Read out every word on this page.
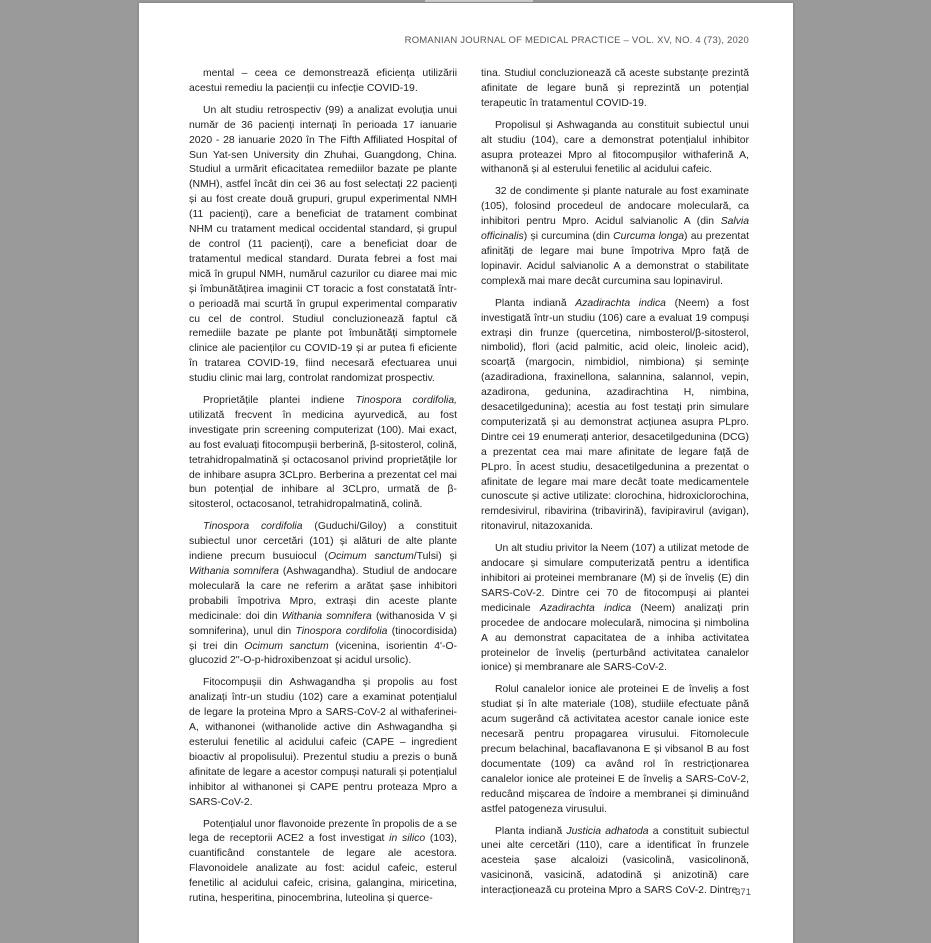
ROMANIAN JOURNAL OF MEDICAL PRACTICE – VOL. XV, NO. 4 (73), 2020

mental – ceea ce demonstrează eficiența utilizării acestui remediu la pacienții cu infecție COVID-19.

Un alt studiu retrospectiv (99) a analizat evoluția unui număr de 36 pacienți internați în perioada 17 ianuarie 2020 - 28 ianuarie 2020 în The Fifth Affiliated Hospital of Sun Yat-sen University din Zhuhai, Guangdong, China. Studiul a urmărit eficacitatea remediilor bazate pe plante (NMH), astfel încât din cei 36 au fost selectați 22 pacienți și au fost create două grupuri, grupul experimental NMH (11 pacienți), care a beneficiat de tratament combinat NHM cu tratament medical occidental standard, și grupul de control (11 pacienți), care a beneficiat doar de tratamentul medical standard. Durata febrei a fost mai mică în grupul NMH, numărul cazurilor cu diaree mai mic și îmbunătățirea imaginii CT toracic a fost constatată într-o perioadă mai scurtă în grupul experimental comparativ cu cel de control. Studiul concluzionează faptul că remediile bazate pe plante pot îmbunătăți simptomele clinice ale pacienților cu COVID-19 și ar putea fi eficiente în tratarea COVID-19, fiind necesară efectuarea unui studiu clinic mai larg, controlat randomizat prospectiv.

Proprietățile plantei indiene Tinospora cordifolia, utilizată frecvent în medicina ayurvedică, au fost investigate prin screening computerizat (100). Mai exact, au fost evaluați fitocompușii berberină, β-sitosterol, colină, tetrahidropalmatină și octacosanol privind proprietățile lor de inhibare asupra 3CLpro. Berberina a prezentat cel mai bun potențial de inhibare al 3CLpro, urmată de β-sitosterol, octacosanol, tetrahidropalmatină, colină.

Tinospora cordifolia (Guduchi/Giloy) a constituit subiectul unor cercetări (101) și alături de alte plante indiene precum busuiocul (Ocimum sanctum/Tulsi) și Withania somnifera (Ashwagandha). Studiul de andocare moleculară la care ne referim a arătat șase inhibitori probabili împotriva Mpro, extrași din aceste plante medicinale: doi din Withania somnifera (withanosida V și somniferina), unul din Tinospora cordifolia (tinocordisida) și trei din Ocimum sanctum (vicenina, isorientin 4'-O-glucozid 2''-O-p-hidroxibenzoat și acidul ursolic).

Fitocompușii din Ashwagandha și propolis au fost analizați într-un studiu (102) care a examinat potențialul de legare la proteina Mpro a SARS-CoV-2 al withaferinei-A, withanonei (withanolide active din Ashwagandha și esterului fenetilic al acidului cafeic (CAPE – ingredient bioactiv al propolisului). Prezentul studiu a prezis o bună afinitate de legare a acestor compuși naturali și potențialul inhibitor al withanonei și CAPE pentru proteaza Mpro a SARS-CoV-2.

Potențialul unor flavonoide prezente în propolis de a se lega de receptorii ACE2 a fost investigat in silico (103), cuantificând constantele de legare ale acestora. Flavonoidele analizate au fost: acidul cafeic, esterul fenetilic al acidului cafeic, crisina, galangina, miricetina, rutina, hesperitina, pinocembrina, luteolina și querce-

tina. Studiul concluzionează că aceste substanțe prezintă afinitate de legare bună și reprezintă un potențial terapeutic în tratamentul COVID-19.

Propolisul și Ashwaganda au constituit subiectul unui alt studiu (104), care a demonstrat potențialul inhibitor asupra proteazei Mpro al fitocompușilor withaferină A, withanonă și al esterului fenetilic al acidului cafeic.

32 de condimente și plante naturale au fost examinate (105), folosind procedeul de andocare moleculară, ca inhibitori pentru Mpro. Acidul salvianolic A (din Salvia officinalis) și curcumina (din Curcuma longa) au prezentat afinități de legare mai bune împotriva Mpro față de lopinavir. Acidul salvianolic A a demonstrat o stabilitate complexă mai mare decât curcumina sau lopinavirul.

Planta indiană Azadirachta indica (Neem) a fost investigată într-un studiu (106) care a evaluat 19 compuși extrași din frunze (quercetina, nimbosterol/β-sitosterol, nimbolid), flori (acid palmitic, acid oleic, linoleic acid), scoarță (margocin, nimbidiol, nimbiona) și semințe (azadiradiona, fraxinellona, salannina, salannol, vepin, azadirona, gedunina, azadirachtina H, nimbina, desacetilgedunina); acestia au fost testați prin simulare computerizată și au demonstrat acțiunea asupra PLpro. Dintre cei 19 enumerați anterior, desacetilgedunina (DCG) a prezentat cea mai mare afinitate de legare față de PLpro. În acest studiu, desacetilgedunina a prezentat o afinitate de legare mai mare decât toate medicamentele cunoscute și active utilizate: clorochina, hidroxiclorochina, remdesivirul, ribavirina (tribavirină), favipiravirul (avigan), ritonavirul, nitazoxanida.

Un alt studiu privitor la Neem (107) a utilizat metode de andocare și simulare computerizată pentru a identifica inhibitori ai proteinei membranare (M) și de înveliș (E) din SARS-CoV-2. Dintre cei 70 de fitocompuși ai plantei medicinale Azadirachta indica (Neem) analizați prin procedee de andocare moleculară, nimocina și nimbolina A au demonstrat capacitatea de a inhiba activitatea proteinelor de înveliș (perturbând activitatea canalelor ionice) și membranare ale SARS-CoV-2.

Rolul canalelor ionice ale proteinei E de înveliș a fost studiat și în alte materiale (108), studiile efectuate până acum sugerând că activitatea acestor canale ionice este necesară pentru propagarea virusului. Fitomolecule precum belachinal, bacaflavanona E și vibsanol B au fost documentate (109) ca având rol în restricționarea canalelor ionice ale proteinei E de înveliș a SARS-CoV-2, reducând mișcarea de îndoire a membranei și diminuând astfel patogeneza virusului.

Planta indiană Justicia adhatoda a constituit subiectul unei alte cercetări (110), care a identificat în frunzele acesteia șase alcaloizi (vasicolină, vasicolinonă, vasicinonă, vasicină, adatodină și anizotină) care interacționează cu proteina Mpro a SARS CoV-2. Dintre

371
